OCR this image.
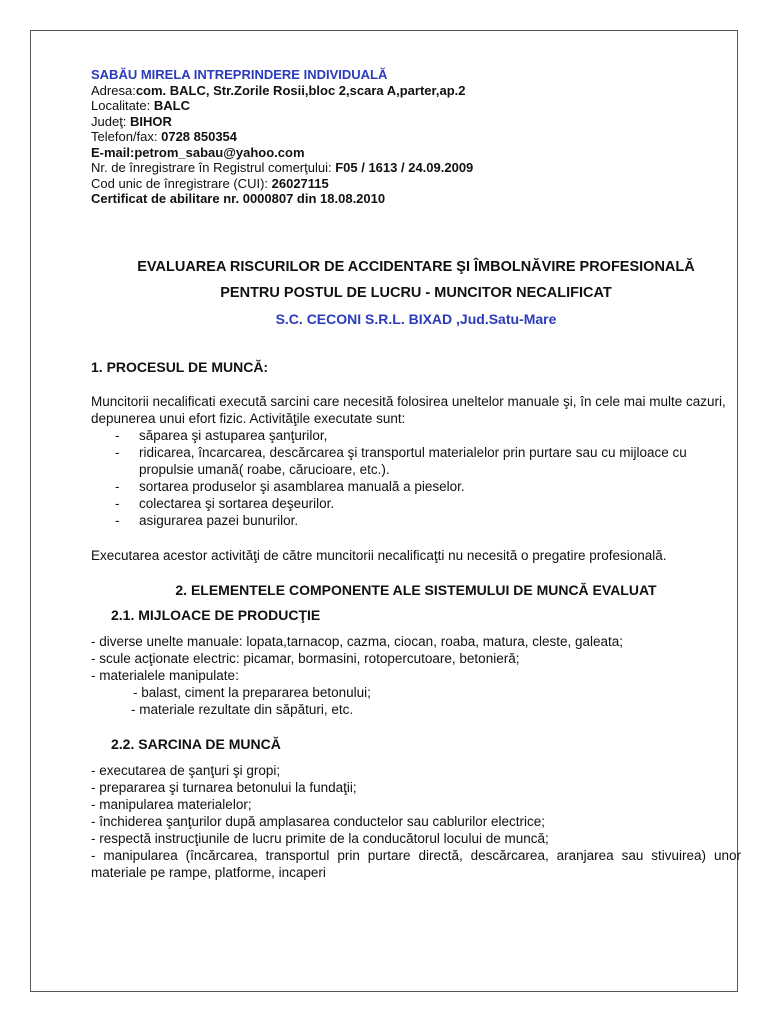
SABĂU MIRELA INTREPRINDERE INDIVIDUALĂ
Adresa:com. BALC, Str.Zorile Rosii,bloc 2,scara A,parter,ap.2
Localitate: BALC
Judeţ: BIHOR
Telefon/fax: 0728 850354
E-mail:petrom_sabau@yahoo.com
Nr. de înregistrare în Registrul comerţului: F05 / 1613 / 24.09.2009
Cod unic de înregistrare (CUI): 26027115
Certificat de abilitare nr. 0000807 din 18.08.2010

EVALUAREA RISCURILOR DE ACCIDENTARE ŞI ÎMBOLNĂVIRE PROFESIONALĂ

PENTRU POSTUL DE LUCRU - MUNCITOR NECALIFICAT

S.C. CECONI S.R.L. BIXAD ,Jud.Satu-Mare

1. PROCESUL DE MUNCĂ:
Muncitorii necalificati execută sarcini care necesită folosirea uneltelor manuale şi, în cele mai multe cazuri, depunerea unui efort fizic. Activităţile executate sunt:
- săparea şi astuparea şanţurilor,
- ridicarea, încarcarea, descărcarea şi transportul materialelor prin purtare sau cu mijloace cu propulsie umană( roabe, cărucioare, etc.).
- sortarea produselor şi asamblarea manuală a pieselor.
- colectarea şi sortarea deşeurilor.
- asigurarea pazei bunurilor.
Executarea acestor activităţi de către muncitorii necalificaţti nu necesită o pregatire profesională.
2. ELEMENTELE COMPONENTE ALE SISTEMULUI DE MUNCĂ EVALUAT
2.1. MIJLOACE DE PRODUCŢIE
- diverse unelte manuale: lopata,tarnacop, cazma, ciocan, roaba, matura, cleste, galeata;
- scule acţionate electric: picamar, bormasini, rotopercutoare, betonieră;
- materialele manipulate:
- balast, ciment la prepararea betonului;
- materiale rezultate din săpături, etc.
2.2. SARCINA DE MUNCĂ
- executarea de şanţuri şi gropi;
- prepararea şi turnarea betonului la fundaţii;
- manipularea materialelor;
- închiderea şanţurilor după amplasarea conductelor sau cablurilor electrice;
- respectă instrucţiunile de lucru primite de la conducătorul locului de muncă;
- manipularea (încărcarea, transportul prin purtare directă, descărcarea, aranjarea sau stivuirea) unor materiale pe rampe, platforme, incaperi
